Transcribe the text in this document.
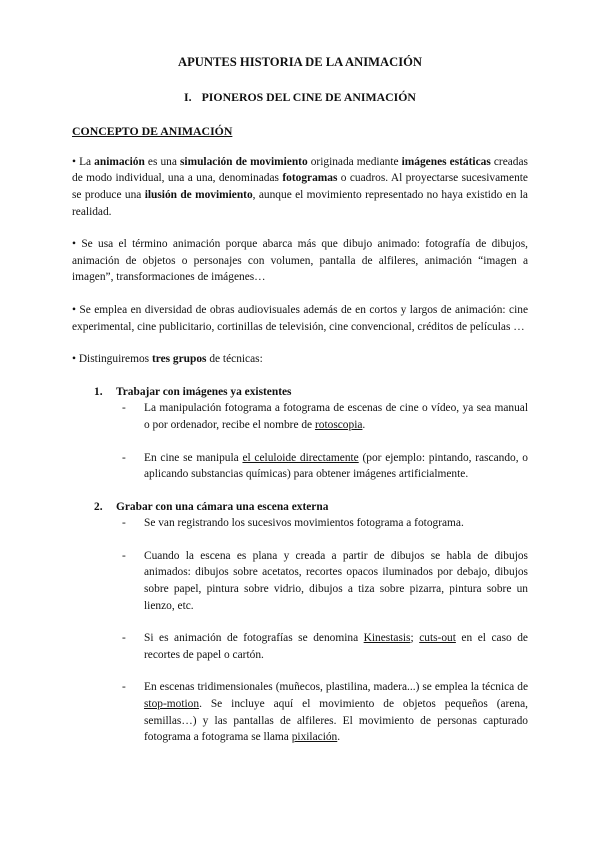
APUNTES HISTORIA DE LA ANIMACIÓN
I. PIONEROS DEL CINE DE ANIMACIÓN
CONCEPTO DE ANIMACIÓN

• La animación es una simulación de movimiento originada mediante imágenes estáticas creadas de modo individual, una a una, denominadas fotogramas o cuadros. Al proyectarse sucesivamente se produce una ilusión de movimiento, aunque el movimiento representado no haya existido en la realidad.

• Se usa el término animación porque abarca más que dibujo animado: fotografía de dibujos, animación de objetos o personajes con volumen, pantalla de alfileres, animación “imagen a imagen”, transformaciones de imágenes…

• Se emplea en diversidad de obras audiovisuales además de en cortos y largos de animación: cine experimental, cine publicitario, cortinillas de televisión, cine convencional, créditos de películas …

• Distinguiremos tres grupos de técnicas:

1. Trabajar con imágenes ya existentes
- La manipulación fotograma a fotograma de escenas de cine o vídeo, ya sea manual o por ordenador, recibe el nombre de rotoscopia.
- En cine se manipula el celuloide directamente (por ejemplo: pintando, rascando, o aplicando substancias químicas) para obtener imágenes artificialmente.
2. Grabar con una cámara una escena externa
- Se van registrando los sucesivos movimientos fotograma a fotograma.
- Cuando la escena es plana y creada a partir de dibujos se habla de dibujos animados: dibujos sobre acetatos, recortes opacos iluminados por debajo, dibujos sobre papel, pintura sobre vidrio, dibujos a tiza sobre pizarra, pintura sobre un lienzo, etc.
- Si es animación de fotografías se denomina Kinestasis; cuts-out en el caso de recortes de papel o cartón.
- En escenas tridimensionales (muñecos, plastilina, madera...) se emplea la técnica de stop-motion. Se incluye aquí el movimiento de objetos pequeños (arena, semillas…) y las pantallas de alfileres. El movimiento de personas capturado fotograma a fotograma se llama pixilación.
